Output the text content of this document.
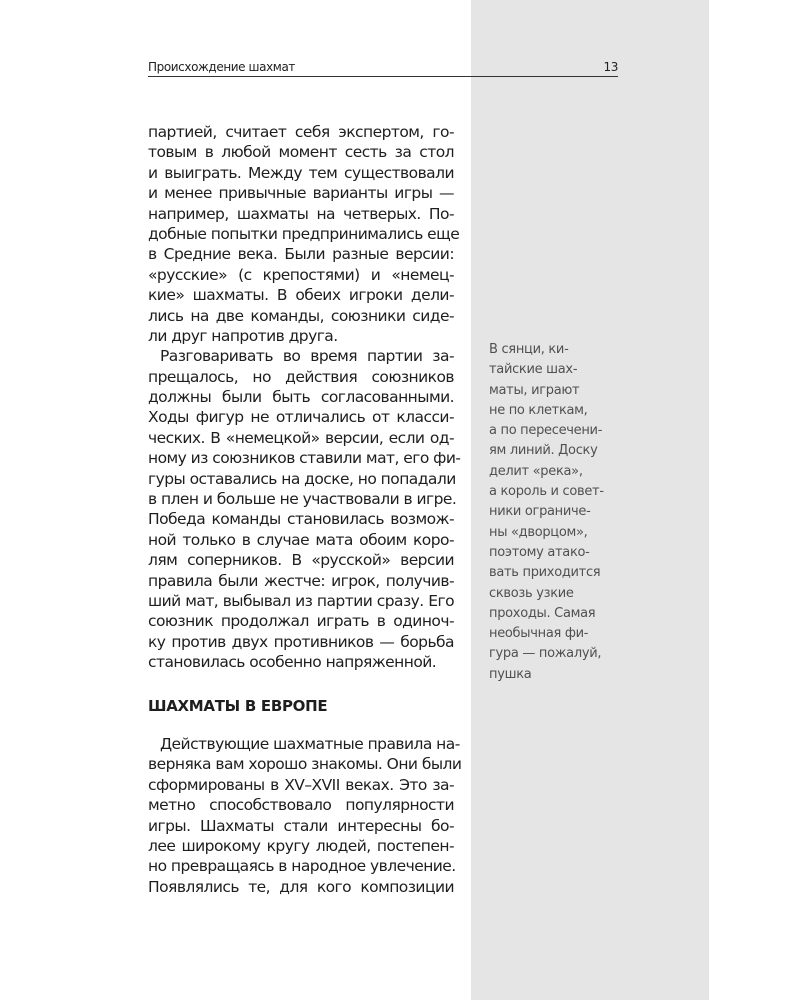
Происхождение шахмат	13
партией, считает себя экспертом, го-
товым в любой момент сесть за стол
и выиграть. Между тем существовали
и менее привычные варианты игры —
например, шахматы на четверых. По-
добные попытки предпринимались еще
в Средние века. Были разные версии:
«русские» (с крепостями) и «немец-
кие» шахматы. В обеих игроки дели-
лись на две команды, союзники сиде-
ли друг напротив друга.
Разговаривать во время партии за-
прещалось, но действия союзников
должны были быть согласованными.
Ходы фигур не отличались от класси-
ческих. В «немецкой» версии, если од-
ному из союзников ставили мат, его фи-
гуры оставались на доске, но попадали
в плен и больше не участвовали в игре.
Победа команды становилась возмож-
ной только в случае мата обоим коро-
лям соперников. В «русской» версии
правила были жестче: игрок, получив-
ший мат, выбывал из партии сразу. Его
союзник продолжал играть в одиноч-
ку против двух противников — борьба
становилась особенно напряженной.
ШАХМАТЫ В ЕВРОПЕ
Действующие шахматные правила на-
верняка вам хорошо знакомы. Они были
сформированы в XV–XVII веках. Это за-
метно способствовало популярности
игры. Шахматы стали интересны бо-
лее широкому кругу людей, постепен-
но превращаясь в народное увлечение.
Появлялись те, для кого композиции
В сянци, ки-
тайские шах-
маты, играют
не по клеткам,
а по пересечени-
ям линий. Доску
делит «река»,
а король и совет-
ники ограниче-
ны «дворцом»,
поэтому атако-
вать приходится
сквозь узкие
проходы. Самая
необычная фи-
гура — пожалуй,
пушка
